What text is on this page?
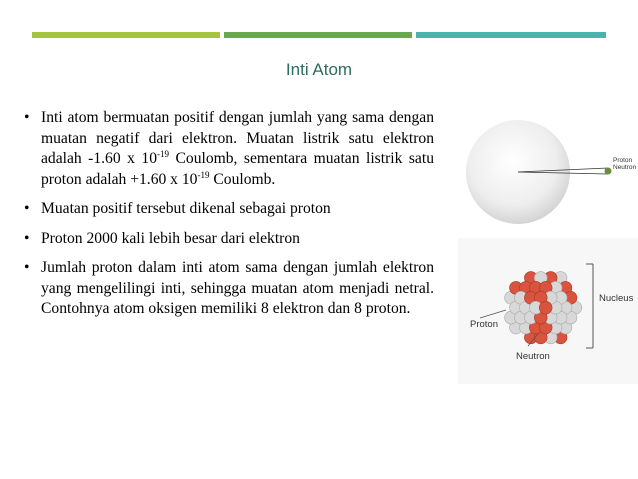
Inti Atom
• Inti atom bermuatan positif dengan jumlah yang sama dengan muatan negatif dari elektron. Muatan listrik satu elektron adalah -1.60 x $10^{-19}$ Coulomb, sementara muatan listrik satu proton adalah +1.60 x $10^{-19}$ Coulomb.
• Muatan positif tersebut dikenal sebagai proton
• Proton 2000 kali lebih besar dari elektron
• Jumlah proton dalam inti atom sama dengan jumlah elektron yang mengelilingi inti, sehingga muatan atom menjadi netral. Contohnya atom oksigen memiliki 8 elektron dan 8 proton.
Proton
Neutron
Nucleus
Proton
Neutron
